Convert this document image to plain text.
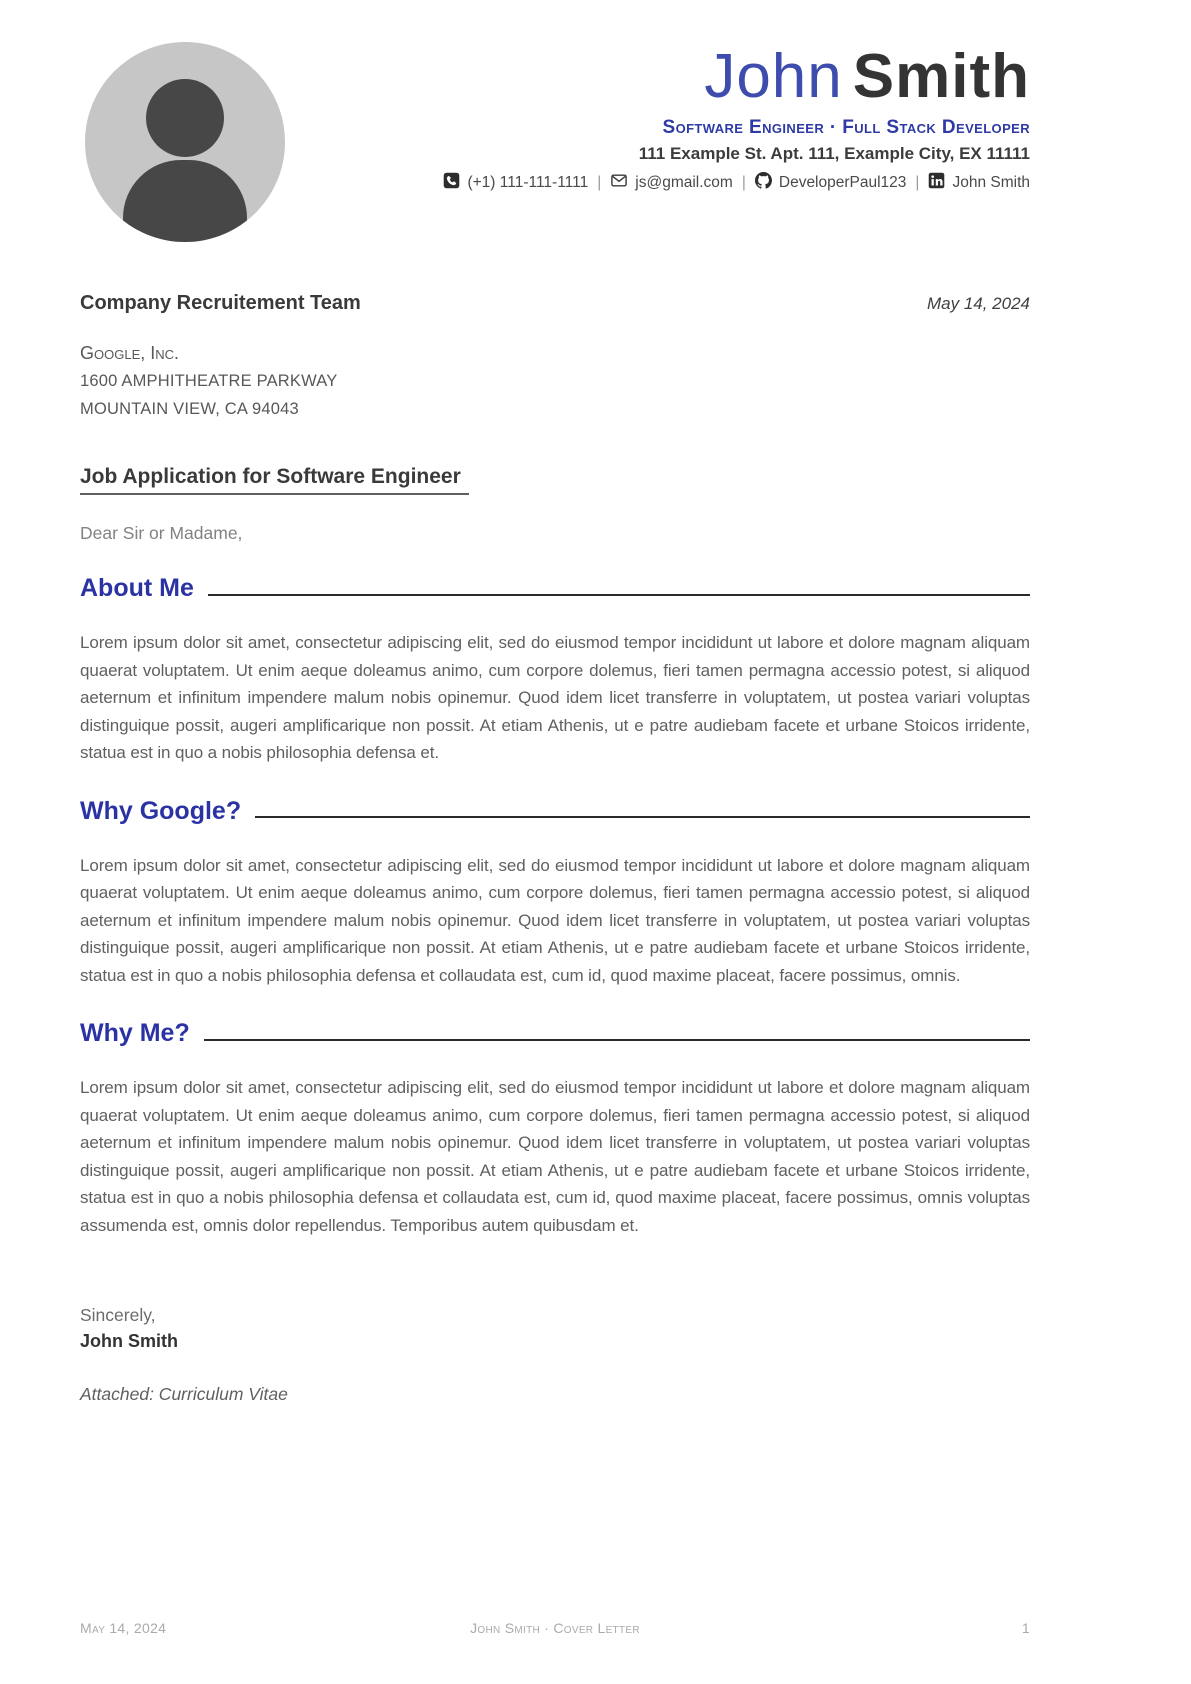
John Smith
Software Engineer · Full Stack Developer
111 Example St. Apt. 111, Example City, EX 11111
(+1) 111-111-1111 | js@gmail.com | DeveloperPaul123 | John Smith
Company Recruitement Team	May 14, 2024
Google, Inc.
1600 AMPHITHEATRE PARKWAY
MOUNTAIN VIEW, CA 94043
Job Application for Software Engineer
Dear Sir or Madame,
About Me
Lorem ipsum dolor sit amet, consectetur adipiscing elit, sed do eiusmod tempor incididunt ut labore et dolore magnam aliquam quaerat voluptatem. Ut enim aeque doleamus animo, cum corpore dolemus, fieri tamen permagna accessio potest, si aliquod aeternum et infinitum impendere malum nobis opinemur. Quod idem licet transferre in voluptatem, ut postea variari voluptas distinguique possit, augeri amplificarique non possit. At etiam Athenis, ut e patre audiebam facete et urbane Stoicos irridente, statua est in quo a nobis philosophia defensa et.
Why Google?
Lorem ipsum dolor sit amet, consectetur adipiscing elit, sed do eiusmod tempor incididunt ut labore et dolore magnam aliquam quaerat voluptatem. Ut enim aeque doleamus animo, cum corpore dolemus, fieri tamen permagna accessio potest, si aliquod aeternum et infinitum impendere malum nobis opinemur. Quod idem licet transferre in voluptatem, ut postea variari voluptas distinguique possit, augeri amplificarique non possit. At etiam Athenis, ut e patre audiebam facete et urbane Stoicos irridente, statua est in quo a nobis philosophia defensa et collaudata est, cum id, quod maxime placeat, facere possimus, omnis.
Why Me?
Lorem ipsum dolor sit amet, consectetur adipiscing elit, sed do eiusmod tempor incididunt ut labore et dolore magnam aliquam quaerat voluptatem. Ut enim aeque doleamus animo, cum corpore dolemus, fieri tamen permagna accessio potest, si aliquod aeternum et infinitum impendere malum nobis opinemur. Quod idem licet transferre in voluptatem, ut postea variari voluptas distinguique possit, augeri amplificarique non possit. At etiam Athenis, ut e patre audiebam facete et urbane Stoicos irridente, statua est in quo a nobis philosophia defensa et collaudata est, cum id, quod maxime placeat, facere possimus, omnis voluptas assumenda est, omnis dolor repellendus. Temporibus autem quibusdam et.
Sincerely,
John Smith
Attached: Curriculum Vitae
May 14, 2024	John Smith · Cover Letter	1
